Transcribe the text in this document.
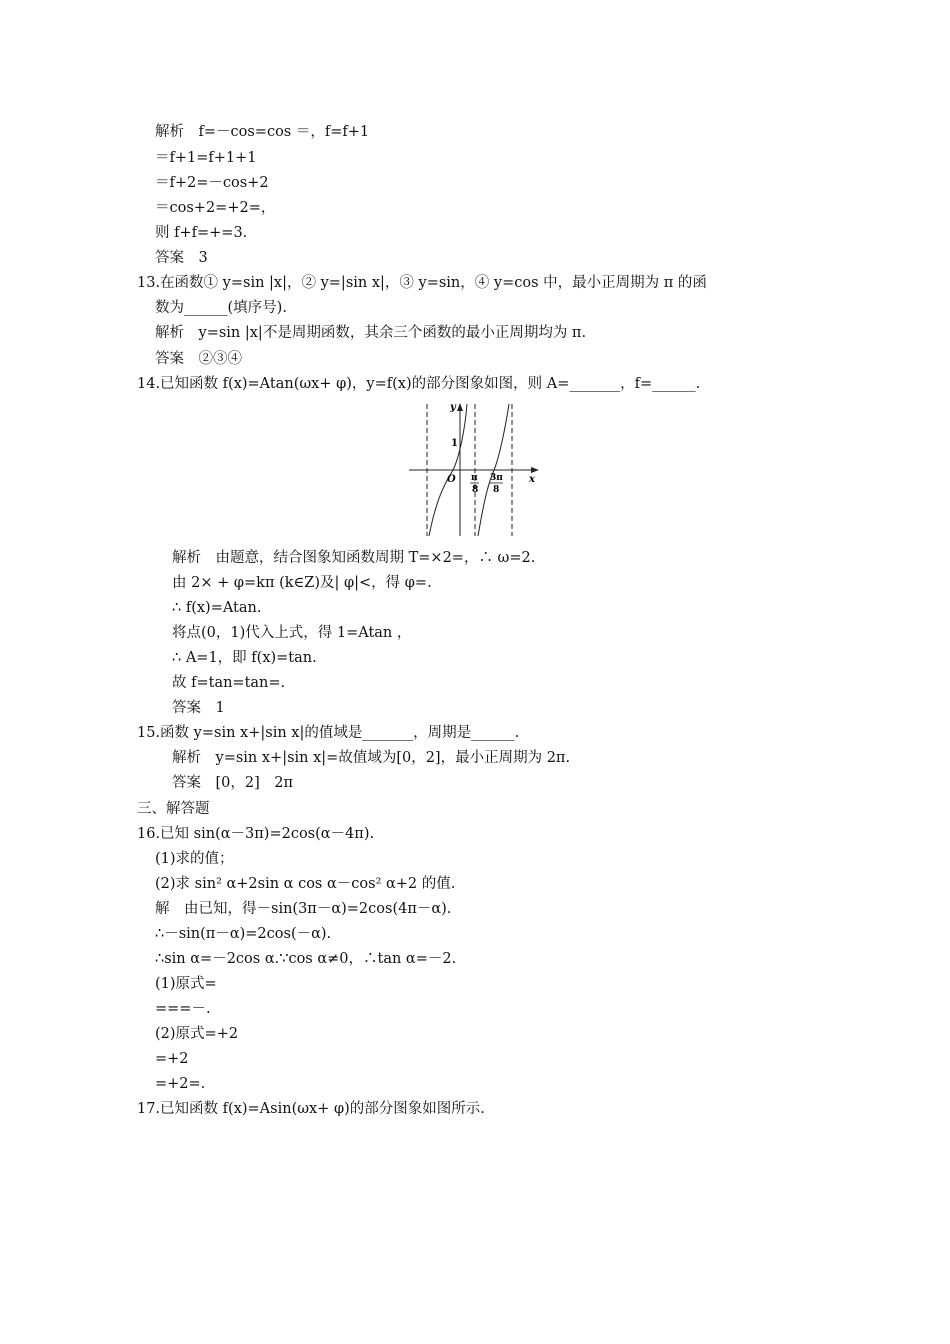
解析　f=－cos=cos ＝，f=f+1
＝f+1=f+1+1
＝f+2=－cos+2
＝cos+2=+2=，
则 f+f=+=3.
答案　3
13.在函数① y=sin |x|，② y=|sin x|，③ y=sin，④ y=cos 中，最小正周期为 π 的函
数为______(填序号).
解析　y=sin |x|不是周期函数，其余三个函数的最小正周期均为 π.
答案　②③④
14.已知函数 f(x)=Atan(ωx+ φ)，y=f(x)的部分图象如图，则 A=_______，f=______.
y
x
1
O π
8
3π
8
解析　由题意，结合图象知函数周期 T=×2=，∴ ω=2.
由 2× + φ=kπ (k∈Z)及| φ|<，得 φ=.
∴ f(x)=Atan.
将点(0，1)代入上式，得 1=Atan ，
∴ A=1，即 f(x)=tan.
故 f=tan=tan=.
答案　1
15.函数 y=sin x+|sin x|的值域是_______，周期是______.
解析　y=sin x+|sin x|=故值域为[0，2]，最小正周期为 2π.
答案　[0，2]　2π
三、解答题
16.已知 sin(α－3π)=2cos(α－4π).
(1)求的值；
(2)求 sin² α+2sin α cos α－cos² α+2 的值.
解　由已知，得－sin(3π－α)=2cos(4π－α).
∴－sin(π－α)=2cos(－α).
∴sin α=－2cos α.∵cos α≠0，∴tan α=－2.
(1)原式=
===－.
(2)原式=+2
=+2
=+2=.
17.已知函数 f(x)=Asin(ωx+ φ)的部分图象如图所示.
